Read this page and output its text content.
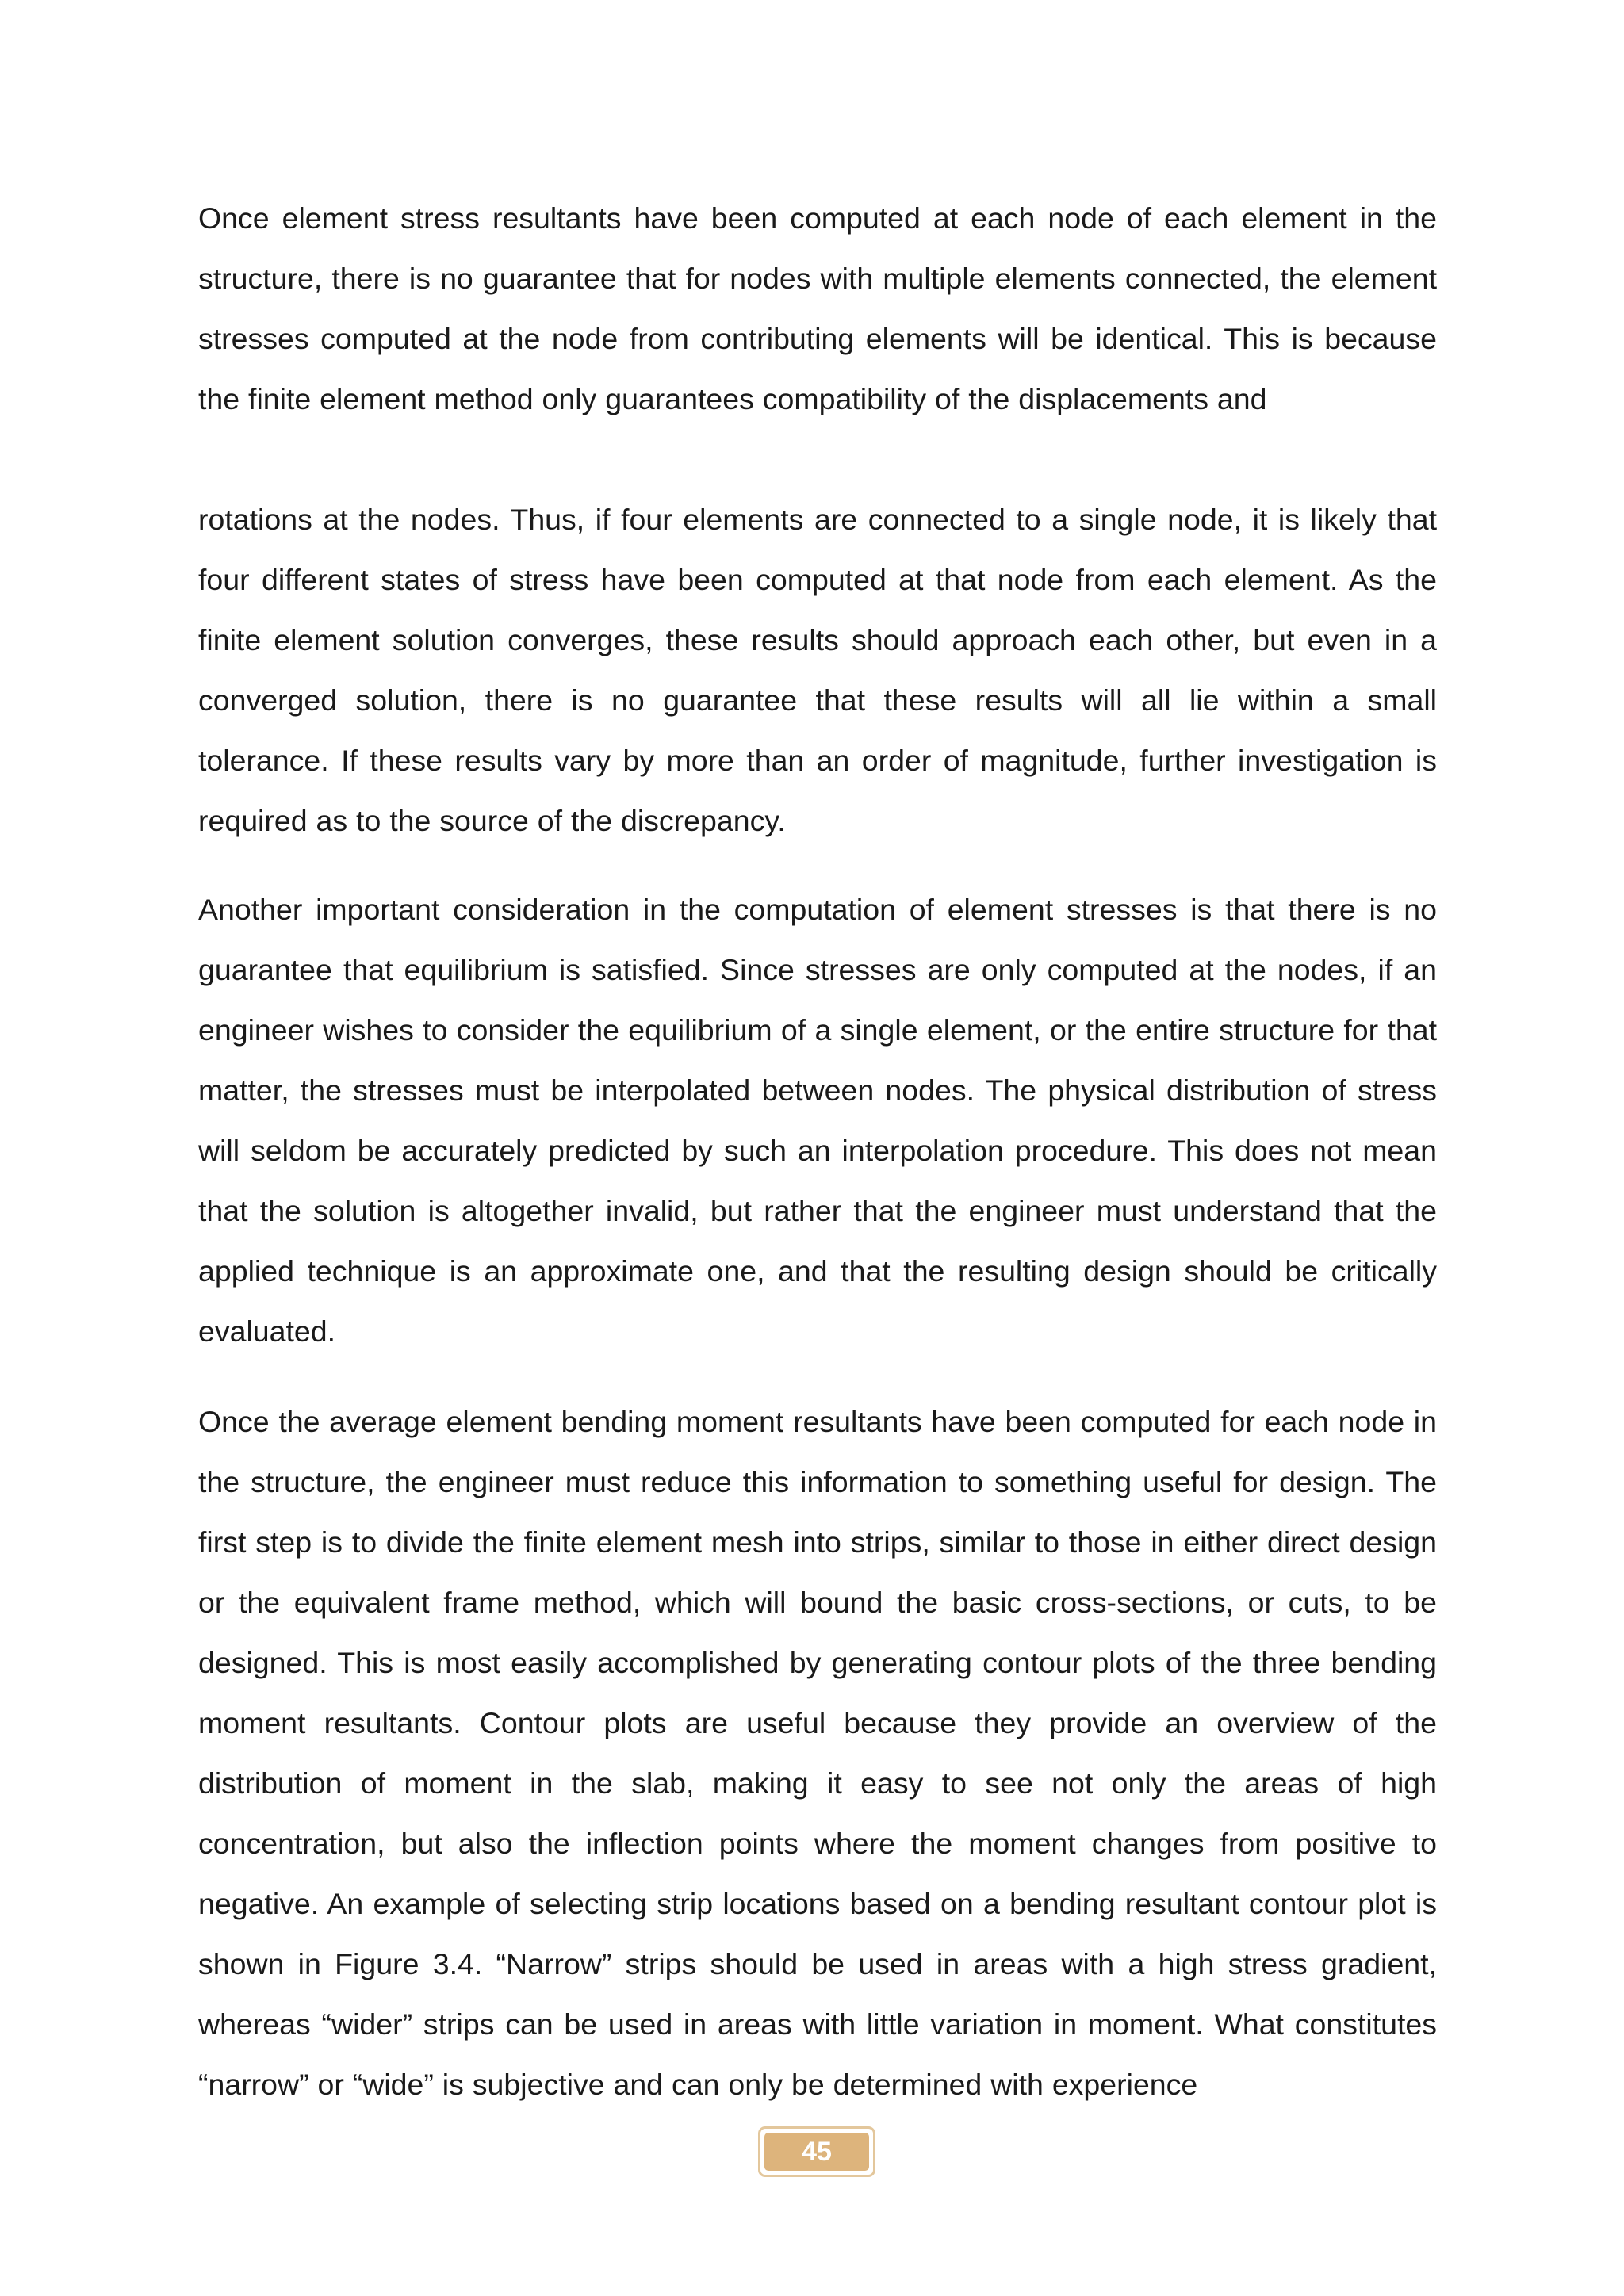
Once element stress resultants have been computed at each node of each element in the structure, there is no guarantee that for nodes with multiple elements connected, the element stresses computed at the node from contributing elements will be identical. This is because the finite element method only guarantees compatibility of the displacements and

rotations at the nodes. Thus, if four elements are connected to a single node, it is likely that four different states of stress have been computed at that node from each element. As the finite element solution converges, these results should approach each other, but even in a converged solution, there is no guarantee that these results will all lie within a small tolerance. If these results vary by more than an order of magnitude, further investigation is required as to the source of the discrepancy.

Another important consideration in the computation of element stresses is that there is no guarantee that equilibrium is satisfied. Since stresses are only computed at the nodes, if an engineer wishes to consider the equilibrium of a single element, or the entire structure for that matter, the stresses must be interpolated between nodes. The physical distribution of stress will seldom be accurately predicted by such an interpolation procedure. This does not mean that the solution is altogether invalid, but rather that the engineer must understand that the applied technique is an approximate one, and that the resulting design should be critically evaluated.

Once the average element bending moment resultants have been computed for each node in the structure, the engineer must reduce this information to something useful for design. The first step is to divide the finite element mesh into strips, similar to those in either direct design or the equivalent frame method, which will bound the basic cross-sections, or cuts, to be designed. This is most easily accomplished by generating contour plots of the three bending moment resultants. Contour plots are useful because they provide an overview of the distribution of moment in the slab, making it easy to see not only the areas of high concentration, but also the inflection points where the moment changes from positive to negative. An example of selecting strip locations based on a bending resultant contour plot is shown in Figure 3.4. “Narrow” strips should be used in areas with a high stress gradient, whereas “wider” strips can be used in areas with little variation in moment. What constitutes “narrow” or “wide” is subjective and can only be determined with experience

45
